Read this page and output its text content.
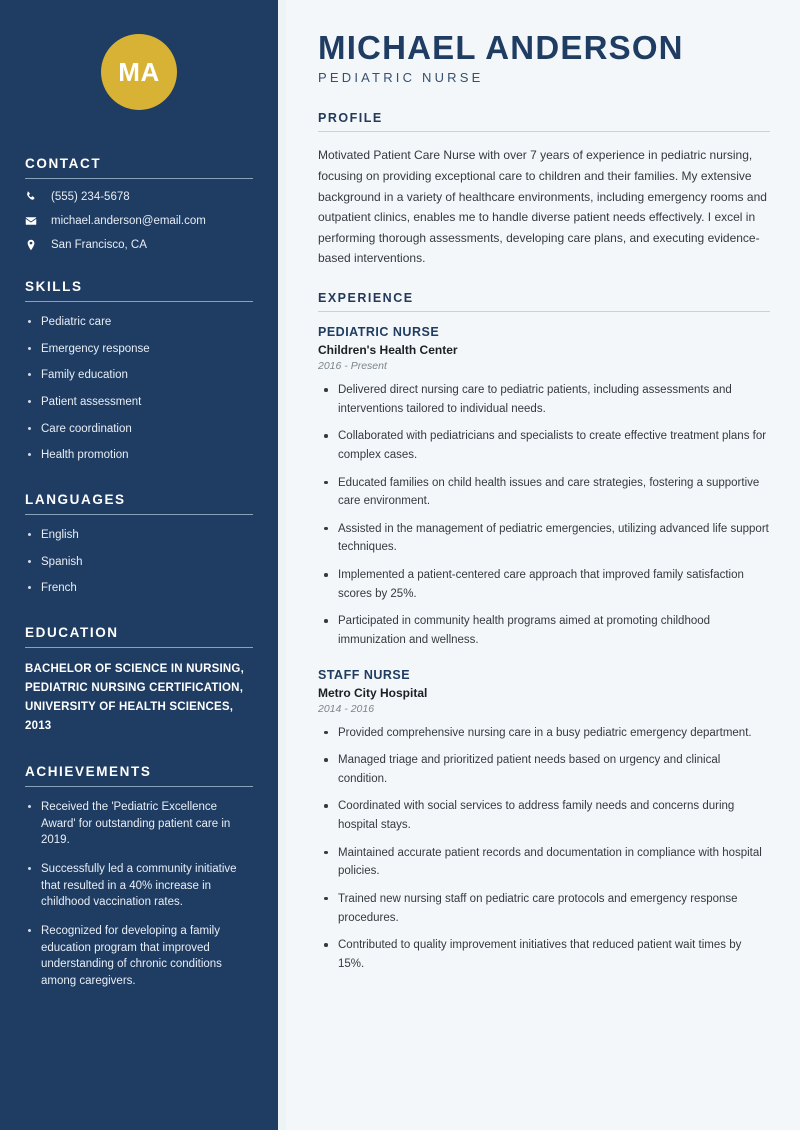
MA
CONTACT
(555) 234-5678
michael.anderson@email.com
San Francisco, CA
SKILLS
Pediatric care
Emergency response
Family education
Patient assessment
Care coordination
Health promotion
LANGUAGES
English
Spanish
French
EDUCATION
BACHELOR OF SCIENCE IN NURSING,
PEDIATRIC NURSING CERTIFICATION,
UNIVERSITY OF HEALTH SCIENCES, 2013
ACHIEVEMENTS
Received the 'Pediatric Excellence Award' for outstanding patient care in 2019.
Successfully led a community initiative that resulted in a 40% increase in childhood vaccination rates.
Recognized for developing a family education program that improved understanding of chronic conditions among caregivers.
MICHAEL ANDERSON
PEDIATRIC NURSE
PROFILE

Motivated Patient Care Nurse with over 7 years of experience in pediatric nursing, focusing on providing exceptional care to children and their families. My extensive background in a variety of healthcare environments, including emergency rooms and outpatient clinics, enables me to handle diverse patient needs effectively. I excel in performing thorough assessments, developing care plans, and executing evidence-based interventions.

EXPERIENCE
PEDIATRIC NURSE
Children's Health Center
2016 - Present
Delivered direct nursing care to pediatric patients, including assessments and interventions tailored to individual needs.
Collaborated with pediatricians and specialists to create effective treatment plans for complex cases.
Educated families on child health issues and care strategies, fostering a supportive care environment.
Assisted in the management of pediatric emergencies, utilizing advanced life support techniques.
Implemented a patient-centered care approach that improved family satisfaction scores by 25%.
Participated in community health programs aimed at promoting childhood immunization and wellness.
STAFF NURSE
Metro City Hospital
2014 - 2016
Provided comprehensive nursing care in a busy pediatric emergency department.
Managed triage and prioritized patient needs based on urgency and clinical condition.
Coordinated with social services to address family needs and concerns during hospital stays.
Maintained accurate patient records and documentation in compliance with hospital policies.
Trained new nursing staff on pediatric care protocols and emergency response procedures.
Contributed to quality improvement initiatives that reduced patient wait times by 15%.
